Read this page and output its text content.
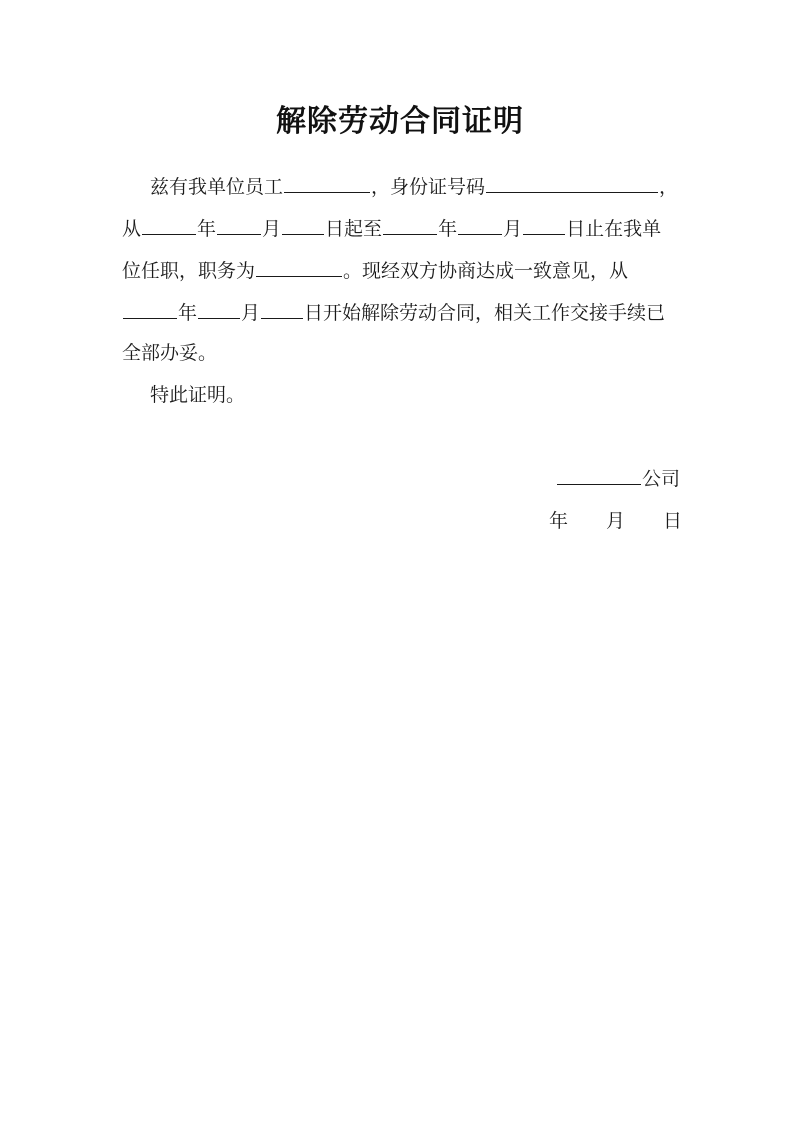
解除劳动合同证明
兹有我单位员工	，身份证号码	，
从	年 月 日起至	年 月 日止在我单
位任职，职务为	。现经双方协商达成一致意见，从
年 月 日开始解除劳动合同，相关工作交接手续已
全部办妥。
特此证明。
公司
年 月 日
